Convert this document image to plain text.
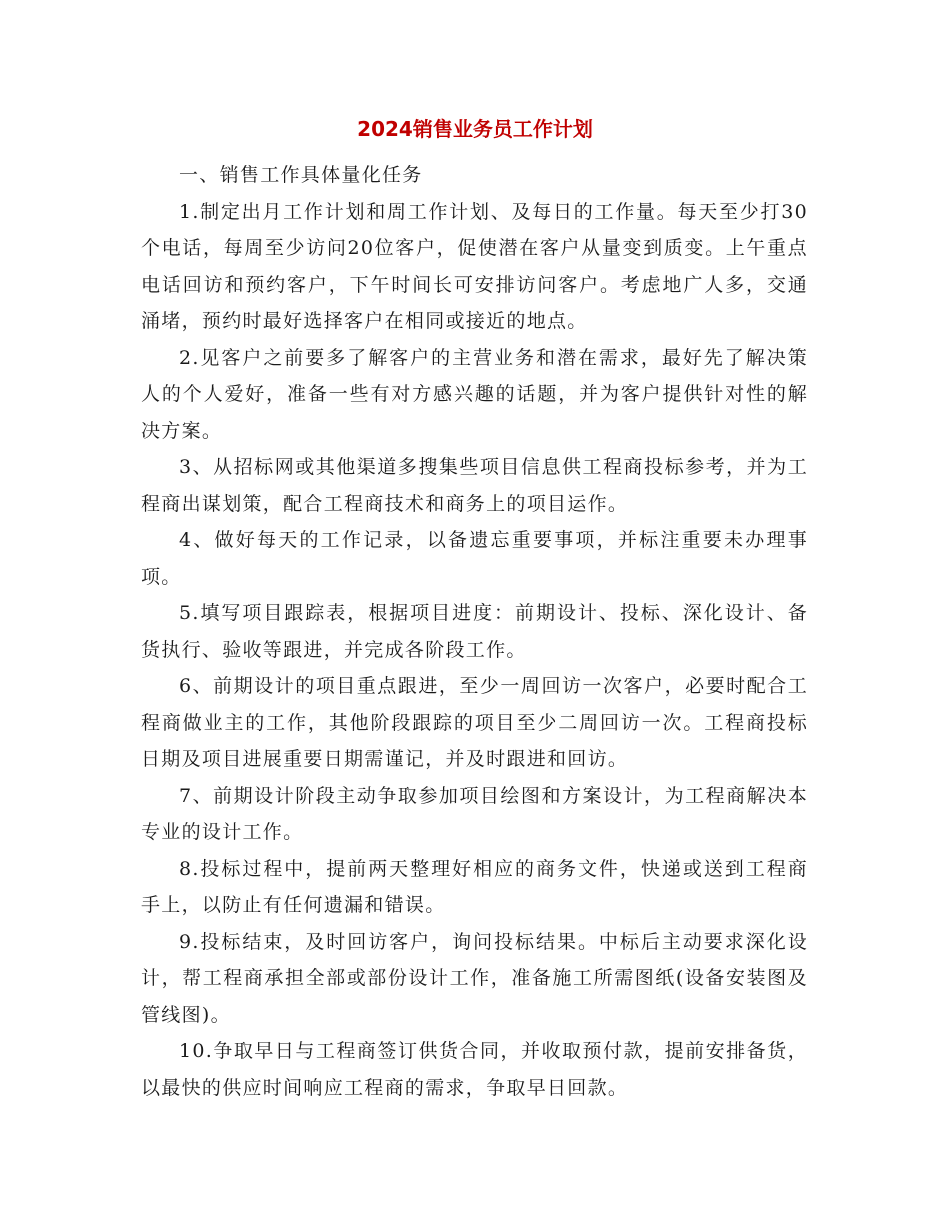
2024销售业务员工作计划

一、销售工作具体量化任务

1.制定出月工作计划和周工作计划、及每日的工作量。每天至少打30个电话，每周至少访问20位客户，促使潜在客户从量变到质变。上午重点电话回访和预约客户，下午时间长可安排访问客户。考虑地广人多，交通涌堵，预约时最好选择客户在相同或接近的地点。

2.见客户之前要多了解客户的主营业务和潜在需求，最好先了解决策人的个人爱好，准备一些有对方感兴趣的话题，并为客户提供针对性的解决方案。

3、从招标网或其他渠道多搜集些项目信息供工程商投标参考，并为工程商出谋划策，配合工程商技术和商务上的项目运作。

4、做好每天的工作记录，以备遗忘重要事项，并标注重要未办理事项。

5.填写项目跟踪表，根据项目进度：前期设计、投标、深化设计、备货执行、验收等跟进，并完成各阶段工作。

6、前期设计的项目重点跟进，至少一周回访一次客户，必要时配合工程商做业主的工作，其他阶段跟踪的项目至少二周回访一次。工程商投标日期及项目进展重要日期需谨记，并及时跟进和回访。

7、前期设计阶段主动争取参加项目绘图和方案设计，为工程商解决本专业的设计工作。

8.投标过程中，提前两天整理好相应的商务文件，快递或送到工程商手上，以防止有任何遗漏和错误。

9.投标结束，及时回访客户，询问投标结果。中标后主动要求深化设计，帮工程商承担全部或部份设计工作，准备施工所需图纸(设备安装图及管线图)。

10.争取早日与工程商签订供货合同，并收取预付款，提前安排备货，以最快的供应时间响应工程商的需求，争取早日回款。
